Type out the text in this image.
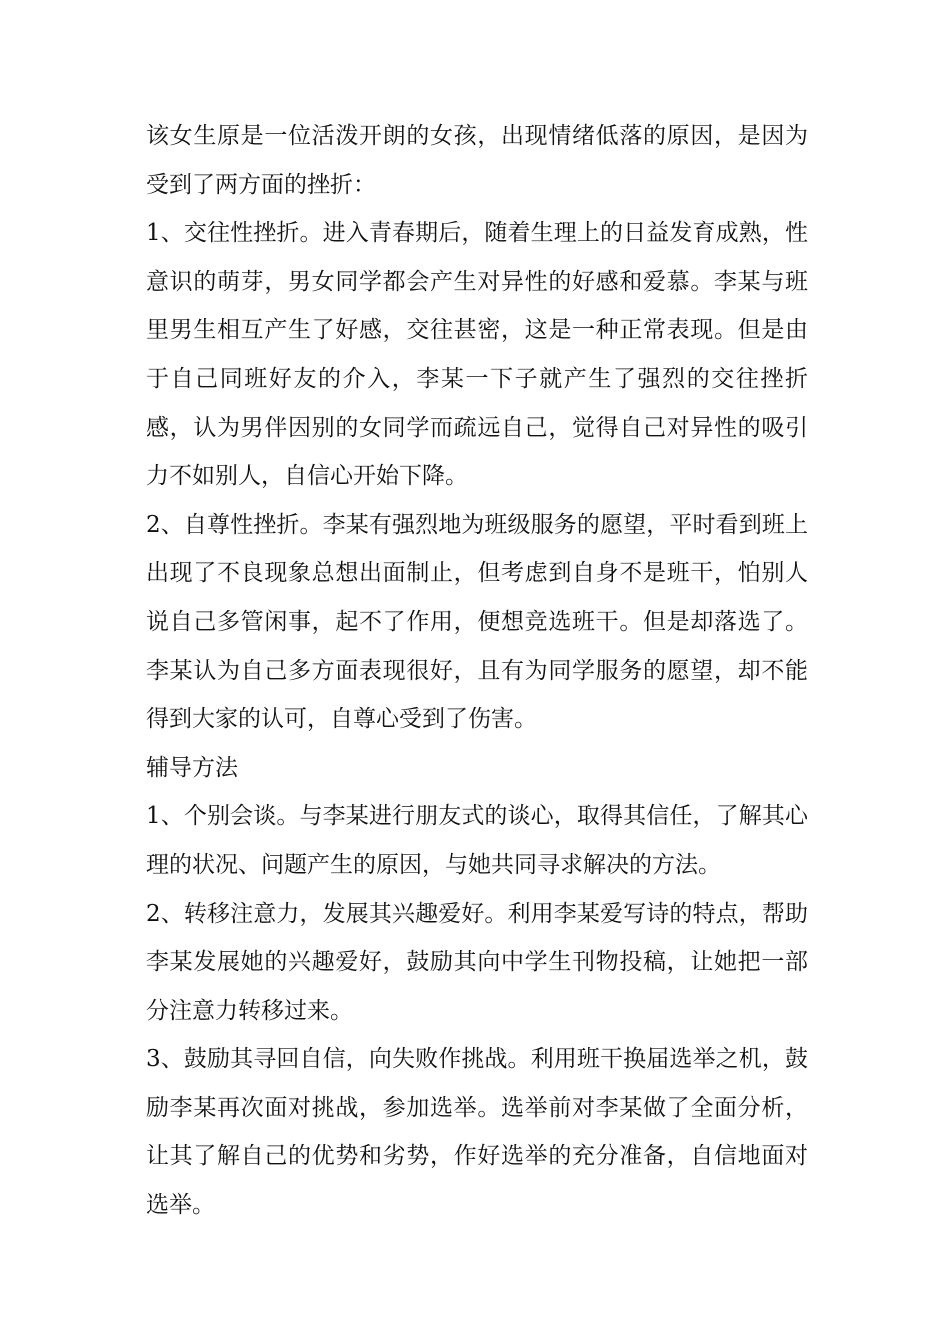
该女生原是一位活泼开朗的女孩，出现情绪低落的原因，是因为受到了两方面的挫折：

1、交往性挫折。进入青春期后，随着生理上的日益发育成熟，性意识的萌芽，男女同学都会产生对异性的好感和爱慕。李某与班里男生相互产生了好感，交往甚密，这是一种正常表现。但是由于自己同班好友的介入，李某一下子就产生了强烈的交往挫折感，认为男伴因别的女同学而疏远自己，觉得自己对异性的吸引力不如别人，自信心开始下降。

2、自尊性挫折。李某有强烈地为班级服务的愿望，平时看到班上出现了不良现象总想出面制止，但考虑到自身不是班干，怕别人说自己多管闲事，起不了作用，便想竞选班干。但是却落选了。李某认为自己多方面表现很好，且有为同学服务的愿望，却不能得到大家的认可，自尊心受到了伤害。

辅导方法

1、个别会谈。与李某进行朋友式的谈心，取得其信任，了解其心理的状况、问题产生的原因，与她共同寻求解决的方法。

2、转移注意力，发展其兴趣爱好。利用李某爱写诗的特点，帮助李某发展她的兴趣爱好，鼓励其向中学生刊物投稿，让她把一部分注意力转移过来。

3、鼓励其寻回自信，向失败作挑战。利用班干换届选举之机，鼓励李某再次面对挑战，参加选举。选举前对李某做了全面分析，让其了解自己的优势和劣势，作好选举的充分准备，自信地面对选举。
